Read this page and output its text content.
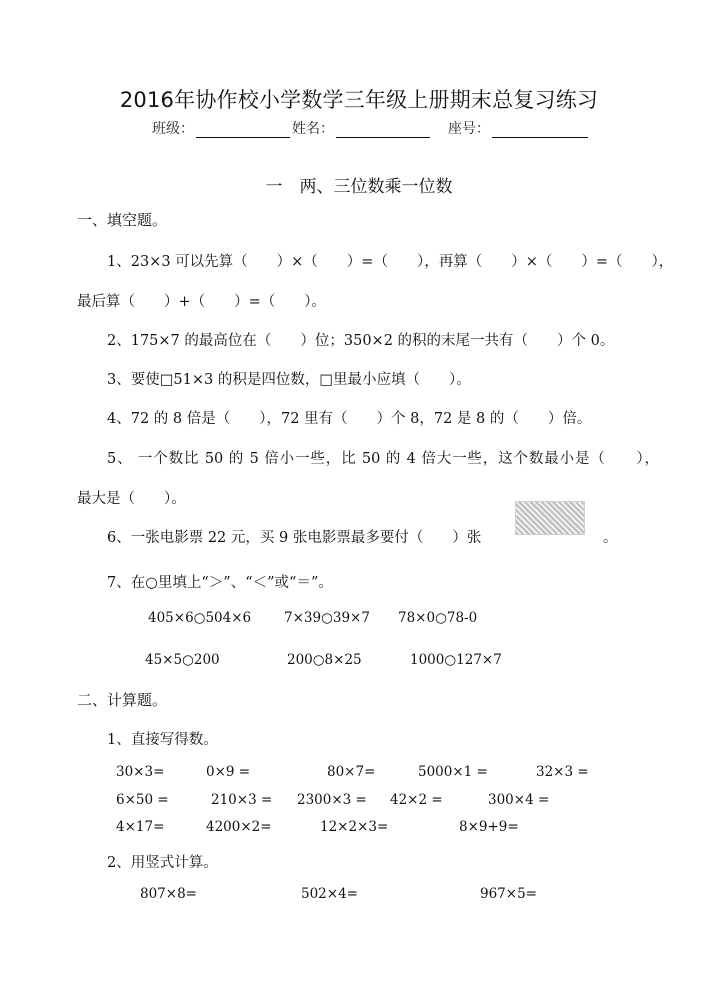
2016年协作校小学数学三年级上册期末总复习练习
班级：	姓名：	座号：
一　两、三位数乘一位数
一、填空题。
1、23×3 可以先算（　　）×（　　）=（　　），再算（　　）×（　　）=（　　），
最后算（　　）+（　　）=（　　）。
2、175×7 的最高位在（　　）位；350×2 的积的末尾一共有（　　）个 0。
3、要使□51×3 的积是四位数，□里最小应填（　　）。
4、72 的 8 倍是（　　），72 里有（　　）个 8，72 是 8 的（　　）倍。
5、 一个数比 50 的 5 倍小一些，比 50 的 4 倍大一些，这个数最小是（　　），
最大是（　　）。
6、一张电影票 22 元，买 9 张电影票最多要付（　　）张	。
7、在○里填上“＞”、“＜”或“＝”。
405×6○504×6 7×39○39×7 78×0○78-0
45×5○200	200○8×25	1000○127×7
二、计算题。
1、直接写得数。
30×3=	0×9 =	80×7=	5000×1 =	32×3 =
6×50 =	210×3 = 2300×3 = 42×2 =	300×4 =
4×17=	4200×2=	12×2×3=	8×9+9=
2、用竖式计算。
807×8=	502×4=	967×5=
